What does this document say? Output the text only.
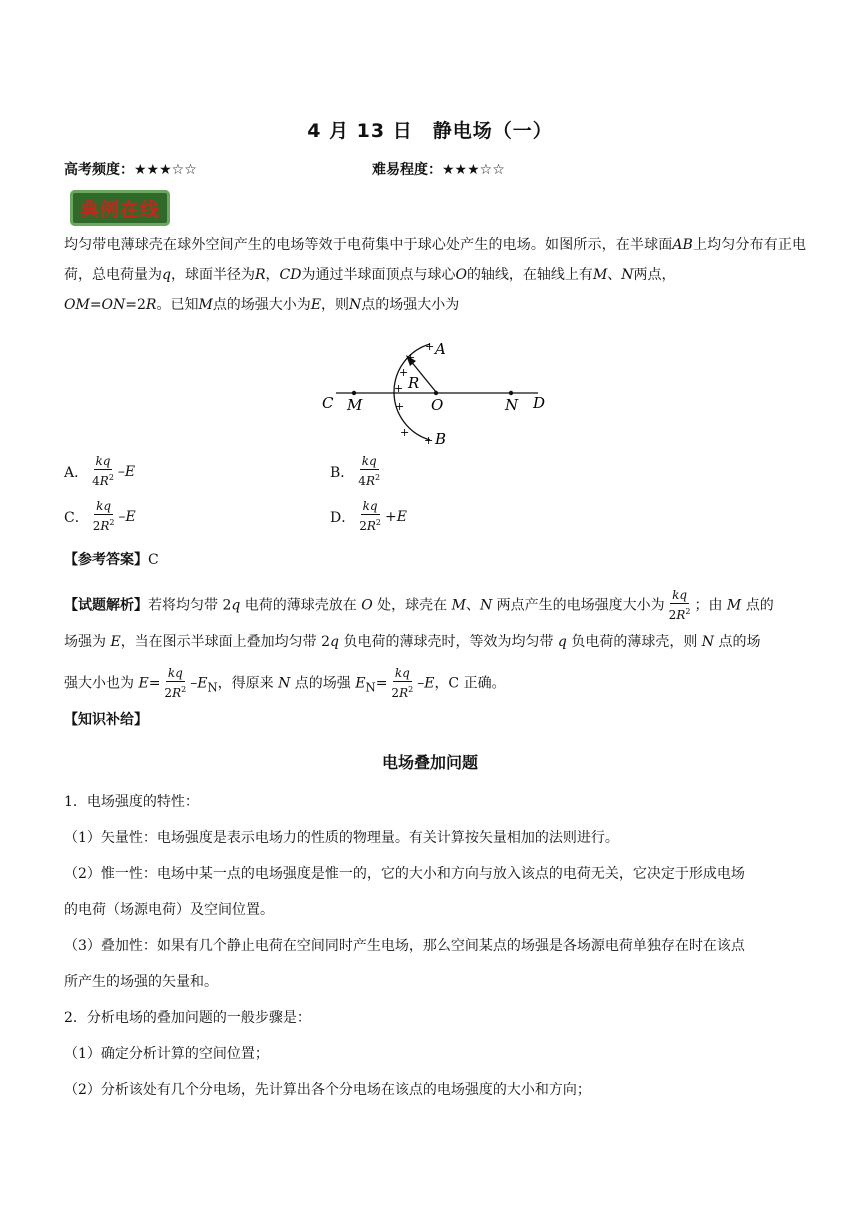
4 月 13 日　静电场（一）
高考频度：★★★☆☆	难易程度：★★★☆☆
典例在线
均匀带电薄球壳在球外空间产生的电场等效于电荷集中于球心处产生的电场。如图所示，在半球面AB上均匀分布有正电荷，总电荷量为q，球面半径为R，CD为通过半球面顶点与球心O的轴线，在轴线上有M、N两点，
OM=ON=2R。已知M点的场强大小为E，则N点的场强大小为
+
+
+
+
+
+
+
A
B
C	D
M	O	N
R
A． $\frac{kq}{4R^2} -E$	B． $\frac{kq}{4R^2}$
C． $\frac{kq}{2R^2} -E$	D． $\frac{kq}{2R^2} +E$
【参考答案】C
【试题解析】若将均匀带 2q 电荷的薄球壳放在 O 处，球壳在 M、N 两点产生的电场强度大小为 $\frac{kq}{2R^2}$ ；由 M 点的
场强为 E，当在图示半球面上叠加均匀带 2q 负电荷的薄球壳时，等效为均匀带 q 负电荷的薄球壳，则 N 点的场
强大小也为 $E= \frac{kq}{2R^2} -E_N$，得原来 N 点的场强 $E_N= \frac{kq}{2R^2} -E$，C 正确。
【知识补给】
电场叠加问题
1．电场强度的特性：
（1）矢量性：电场强度是表示电场力的性质的物理量。有关计算按矢量相加的法则进行。
（2）惟一性：电场中某一点的电场强度是惟一的，它的大小和方向与放入该点的电荷无关，它决定于形成电场
的电荷（场源电荷）及空间位置。
（3）叠加性：如果有几个静止电荷在空间同时产生电场，那么空间某点的场强是各场源电荷单独存在时在该点
所产生的场强的矢量和。
2．分析电场的叠加问题的一般步骤是：
（1）确定分析计算的空间位置；
（2）分析该处有几个分电场，先计算出各个分电场在该点的电场强度的大小和方向；
